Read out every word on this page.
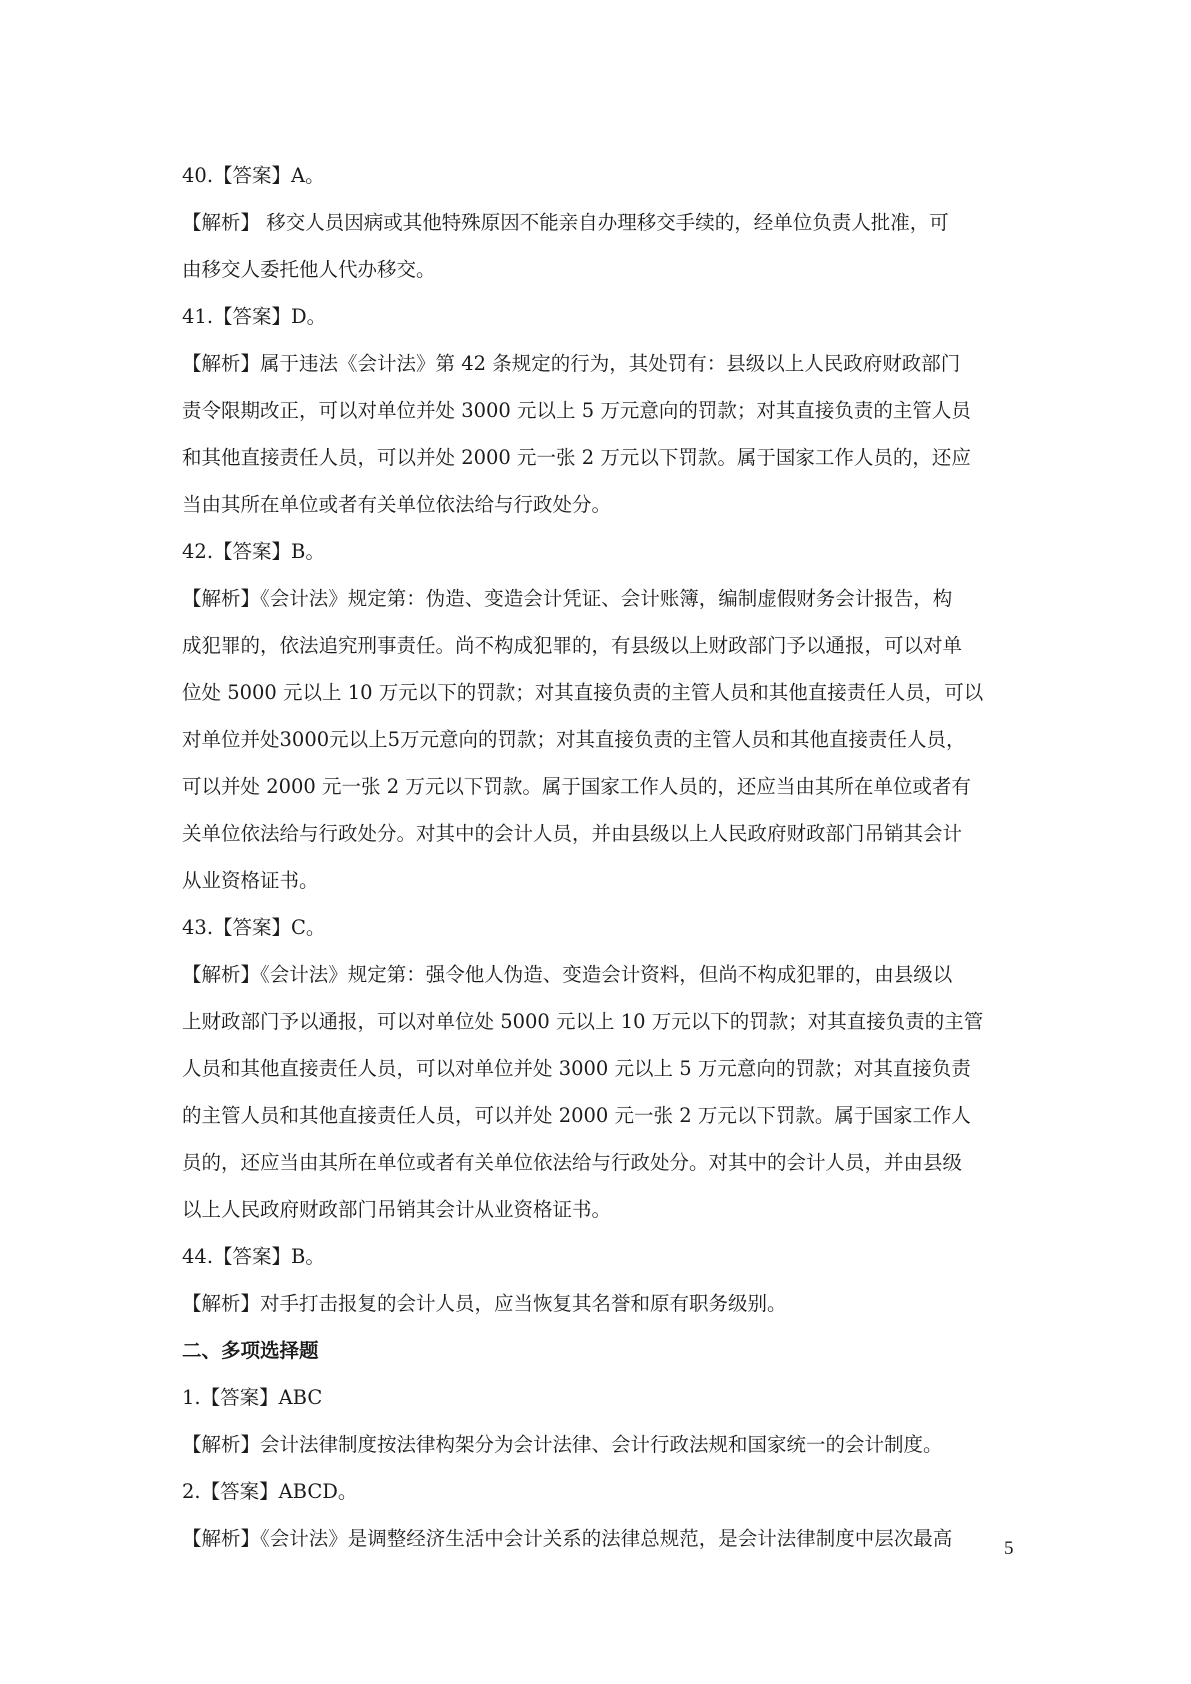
40.【答案】A。

【解析】 移交人员因病或其他特殊原因不能亲自办理移交手续的，经单位负责人批准，可

由移交人委托他人代办移交。

41.【答案】D。

【解析】属于违法《会计法》第 42 条规定的行为，其处罚有：县级以上人民政府财政部门

责令限期改正，可以对单位并处 3000 元以上 5 万元意向的罚款；对其直接负责的主管人员

和其他直接责任人员，可以并处 2000 元一张 2 万元以下罚款。属于国家工作人员的，还应

当由其所在单位或者有关单位依法给与行政处分。

42.【答案】B。

【解析】《会计法》规定第：伪造、变造会计凭证、会计账簿，编制虚假财务会计报告，构

成犯罪的，依法追究刑事责任。尚不构成犯罪的，有县级以上财政部门予以通报，可以对单

位处 5000 元以上 10 万元以下的罚款；对其直接负责的主管人员和其他直接责任人员，可以

对单位并处3000元以上5万元意向的罚款；对其直接负责的主管人员和其他直接责任人员，

可以并处 2000 元一张 2 万元以下罚款。属于国家工作人员的，还应当由其所在单位或者有

关单位依法给与行政处分。对其中的会计人员，并由县级以上人民政府财政部门吊销其会计

从业资格证书。

43.【答案】C。

【解析】《会计法》规定第：强令他人伪造、变造会计资料，但尚不构成犯罪的，由县级以

上财政部门予以通报，可以对单位处 5000 元以上 10 万元以下的罚款；对其直接负责的主管

人员和其他直接责任人员，可以对单位并处 3000 元以上 5 万元意向的罚款；对其直接负责

的主管人员和其他直接责任人员，可以并处 2000 元一张 2 万元以下罚款。属于国家工作人

员的，还应当由其所在单位或者有关单位依法给与行政处分。对其中的会计人员，并由县级

以上人民政府财政部门吊销其会计从业资格证书。

44.【答案】B。

【解析】对手打击报复的会计人员，应当恢复其名誉和原有职务级别。

二、多项选择题

1.【答案】ABC

【解析】会计法律制度按法律构架分为会计法律、会计行政法规和国家统一的会计制度。

2.【答案】ABCD。

【解析】《会计法》是调整经济生活中会计关系的法律总规范，是会计法律制度中层次最高	5
